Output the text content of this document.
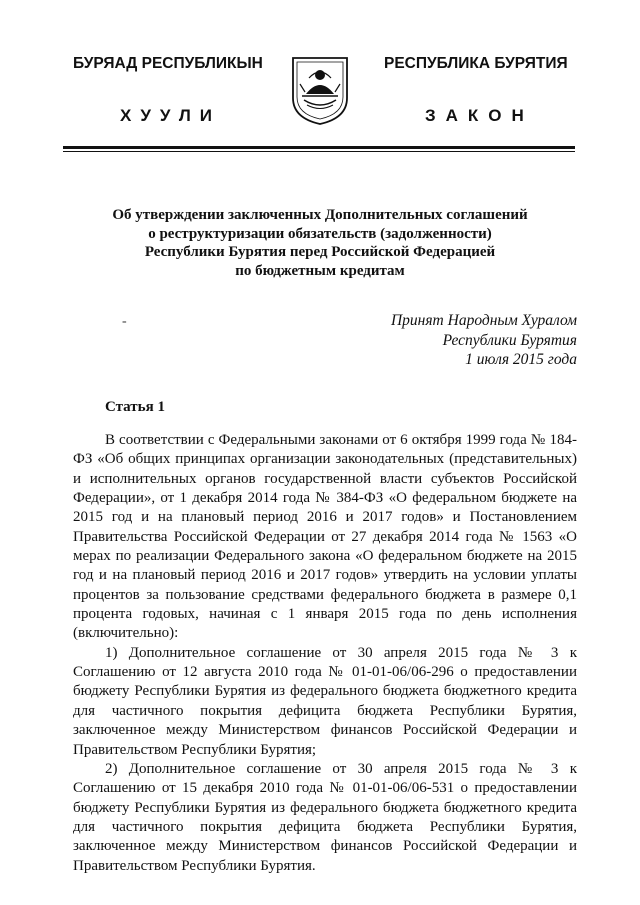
БУРЯАД РЕСПУБЛИКЫН	РЕСПУБЛИКА БУРЯТИЯ
ХУУЛИ	ЗАКОН
Об утверждении заключенных Дополнительных соглашений
о реструктуризации обязательств (задолженности)
Республики Бурятия перед Российской Федерацией
по бюджетным кредитам
-	Принят Народным Хуралом
Республики Бурятия
1 июля 2015 года
Статья 1

В соответствии с Федеральными законами от 6 октября 1999 года № 184-ФЗ «Об общих принципах организации законодательных (представительных) и исполнительных органов государственной власти субъектов Российской Федерации», от 1 декабря 2014 года № 384-ФЗ «О федеральном бюджете на 2015 год и на плановый период 2016 и 2017 годов» и Постановлением Правительства Российской Федерации от 27 декабря 2014 года № 1563 «О мерах по реализации Федерального закона «О федеральном бюджете на 2015 год и на плановый период 2016 и 2017 годов» утвердить на условии уплаты процентов за пользование средствами федерального бюджета в размере 0,1 процента годовых, начиная с 1 января 2015 года по день исполнения (включительно):

1) Дополнительное соглашение от 30 апреля 2015 года № 3 к Соглашению от 12 августа 2010 года № 01-01-06/06-296 о предоставлении бюджету Республики Бурятия из федерального бюджета бюджетного кредита для частичного покрытия дефицита бюджета Республики Бурятия, заключенное между Министерством финансов Российской Федерации и Правительством Республики Бурятия;

2) Дополнительное соглашение от 30 апреля 2015 года № 3 к Соглашению от 15 декабря 2010 года № 01-01-06/06-531 о предоставлении бюджету Республики Бурятия из федерального бюджета бюджетного кредита для частичного покрытия дефицита бюджета Республики Бурятия, заключенное между Министерством финансов Российской Федерации и Правительством Республики Бурятия.
